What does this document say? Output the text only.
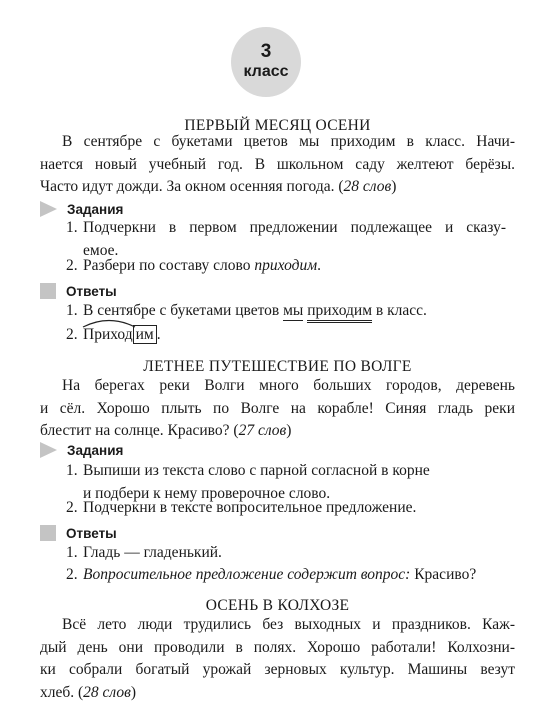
3
класс
ПЕРВЫЙ МЕСЯЦ ОСЕНИ
В сентябре с букетами цветов мы приходим в класс. Начи-
нается новый учебный год. В школьном саду желтеют берёзы.
Часто идут дожди. За окном осенняя погода. (28 слов)
Задания
1. Подчеркни в первом предложении подлежащее и сказу-
емое.
2. Разбери по составу слово приходим.
Ответы
1. В сентябре с букетами цветов мы приходим в класс.
2. Приход им .
ЛЕТНЕЕ ПУТЕШЕСТВИЕ ПО ВОЛГЕ
На берегах реки Волги много больших городов, деревень
и сёл. Хорошо плыть по Волге на корабле! Синяя гладь реки
блестит на солнце. Красиво? (27 слов)
Задания
1. Выпиши из текста слово с парной согласной в корне
и подбери к нему проверочное слово.
2. Подчеркни в тексте вопросительное предложение.
Ответы
1. Гладь — гладенький.
2. Вопросительное предложение содержит вопрос: Красиво?
ОСЕНЬ В КОЛХОЗЕ
Всё лето люди трудились без выходных и праздников. Каж-
дый день они проводили в полях. Хорошо работали! Колхозни-
ки собрали богатый урожай зерновых культур. Машины везут
хлеб. (28 слов)
